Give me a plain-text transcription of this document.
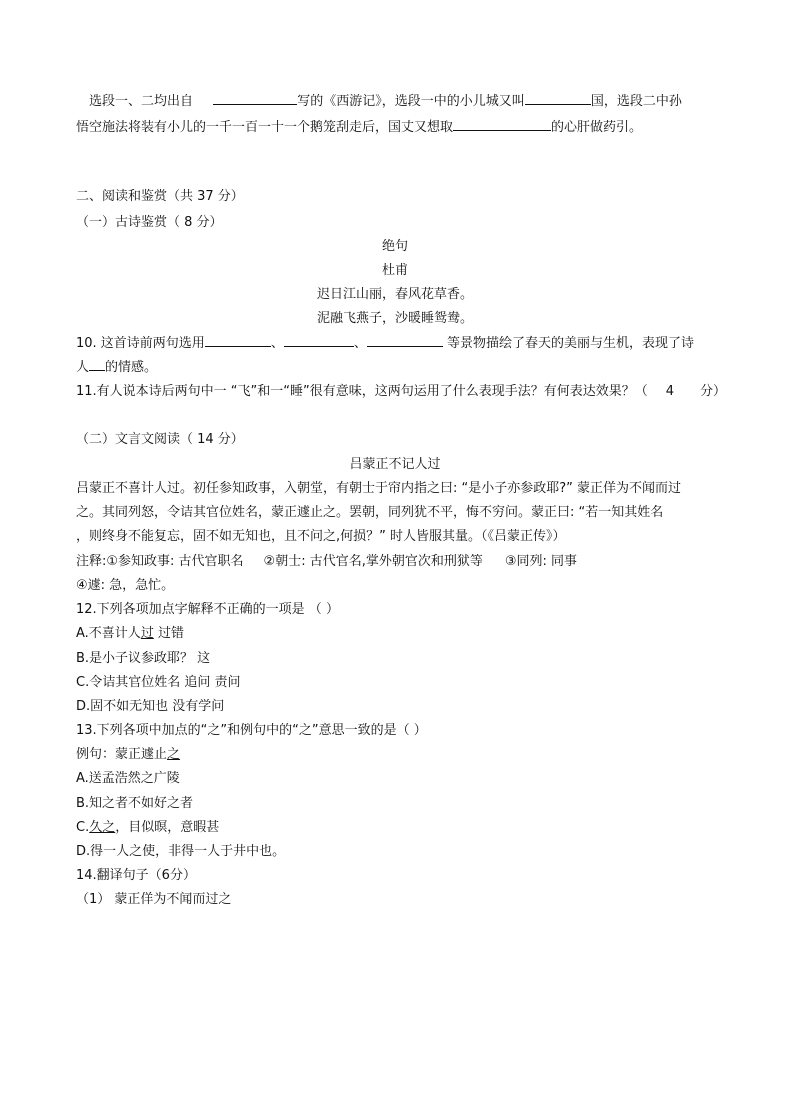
选段一、二均出自	写的《西游记》，选段一中的小儿城又叫	国，选段二中孙
悟空施法将装有小儿的一千一百一十一个鹅笼刮走后，国丈又想取	的心肝做药引。
二、阅读和鉴赏（共 37 分）
（一）古诗鉴赏（ 8 分）
绝句
杜甫
迟日江山丽，春风花草香。
泥融飞燕子，沙暖睡鸳鸯。
10. 这首诗前两句选用	、	、	等景物描绘了春天的美丽与生机，表现了诗
人 的情感。
11.有人说本诗后两句中一 “飞”和一“睡”很有意味，这两句运用了什么表现手法？有何表达效果？（ 4 分）
（二）文言文阅读（ 14 分）
吕蒙正不记人过
吕蒙正不喜计人过。初任参知政事，入朝堂，有朝士于帘内指之曰: “是小子亦参政耶?” 蒙正佯为不闻而过
之。其同列怒，令诘其官位姓名，蒙正遽止之。罢朝，同列犹不平，悔不穷问。蒙正曰: “若一知其姓名
，则终身不能复忘，固不如无知也，且不问之,何损？” 时人皆服其量。（《吕蒙正传》）
注释:①参知政事: 古代官职名 ②朝士: 古代官名,掌外朝官次和刑狱等 ③同列: 同事
④遽: 急，急忙。
12.下列各项加点字解释不正确的一项是 （ ）
A.不喜计人过 过错
B.是小子议参政耶？ 这
C.令诘其官位姓名 追问 责问
D.固不如无知也 没有学问
13.下列各项中加点的“之”和例句中的“之”意思一致的是（ ）
例句：蒙正遽止之
A.送孟浩然之广陵
B.知之者不如好之者
C.久之，目似暝，意暇甚
D.得一人之使，非得一人于井中也。
14.翻译句子（6分）
（1） 蒙正佯为不闻而过之
